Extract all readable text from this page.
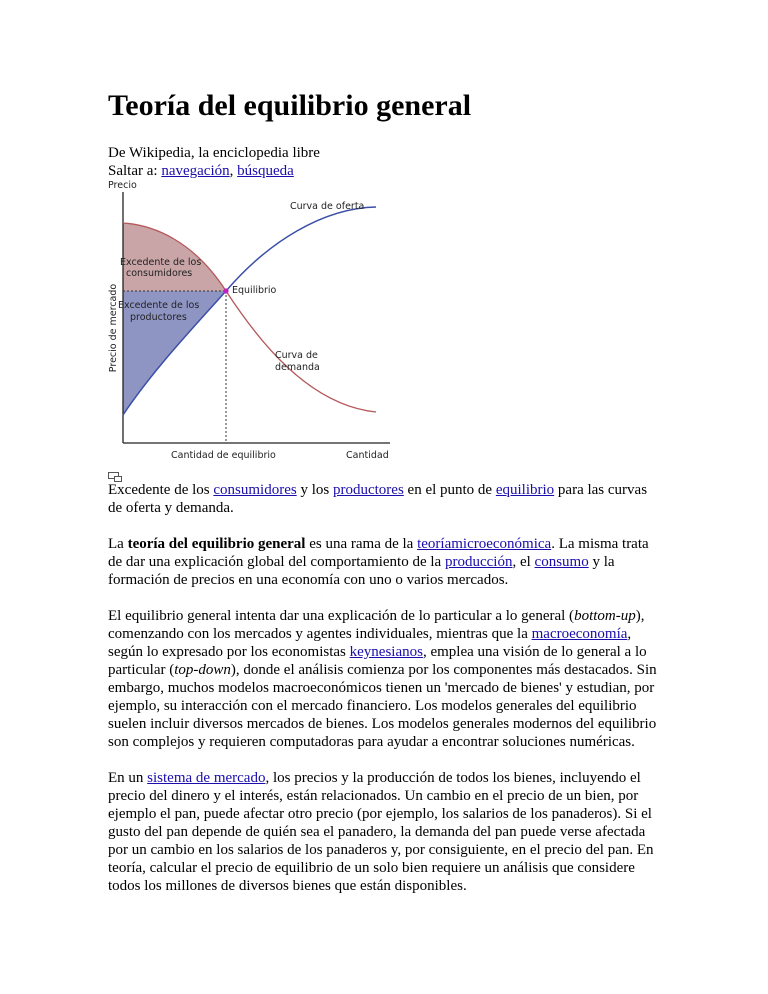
Teoría del equilibrio general
De Wikipedia, la enciclopedia libre
Saltar a: navegación, búsqueda
Precio
Precio de mercado
Excedente de los
consumidores
Excedente de los
productores
Equilibrio
Curva de oferta
Curva de
demanda
Cantidad de equilibrio	Cantidad

Excedente de los consumidores y los productores en el punto de equilibrio para las curvas de oferta y demanda.

La teoría del equilibrio general es una rama de la teoríamicroeconómica. La misma trata de dar una explicación global del comportamiento de la producción, el consumo y la formación de precios en una economía con uno o varios mercados.

El equilibrio general intenta dar una explicación de lo particular a lo general (bottom-up), comenzando con los mercados y agentes individuales, mientras que la macroeconomía, según lo expresado por los economistas keynesianos, emplea una visión de lo general a lo particular (top-down), donde el análisis comienza por los componentes más destacados. Sin embargo, muchos modelos macroeconómicos tienen un 'mercado de bienes' y estudian, por ejemplo, su interacción con el mercado financiero. Los modelos generales del equilibrio suelen incluir diversos mercados de bienes. Los modelos generales modernos del equilibrio son complejos y requieren computadoras para ayudar a encontrar soluciones numéricas.

En un sistema de mercado, los precios y la producción de todos los bienes, incluyendo el precio del dinero y el interés, están relacionados. Un cambio en el precio de un bien, por ejemplo el pan, puede afectar otro precio (por ejemplo, los salarios de los panaderos). Si el gusto del pan depende de quién sea el panadero, la demanda del pan puede verse afectada por un cambio en los salarios de los panaderos y, por consiguiente, en el precio del pan. En teoría, calcular el precio de equilibrio de un solo bien requiere un análisis que considere todos los millones de diversos bienes que están disponibles.
